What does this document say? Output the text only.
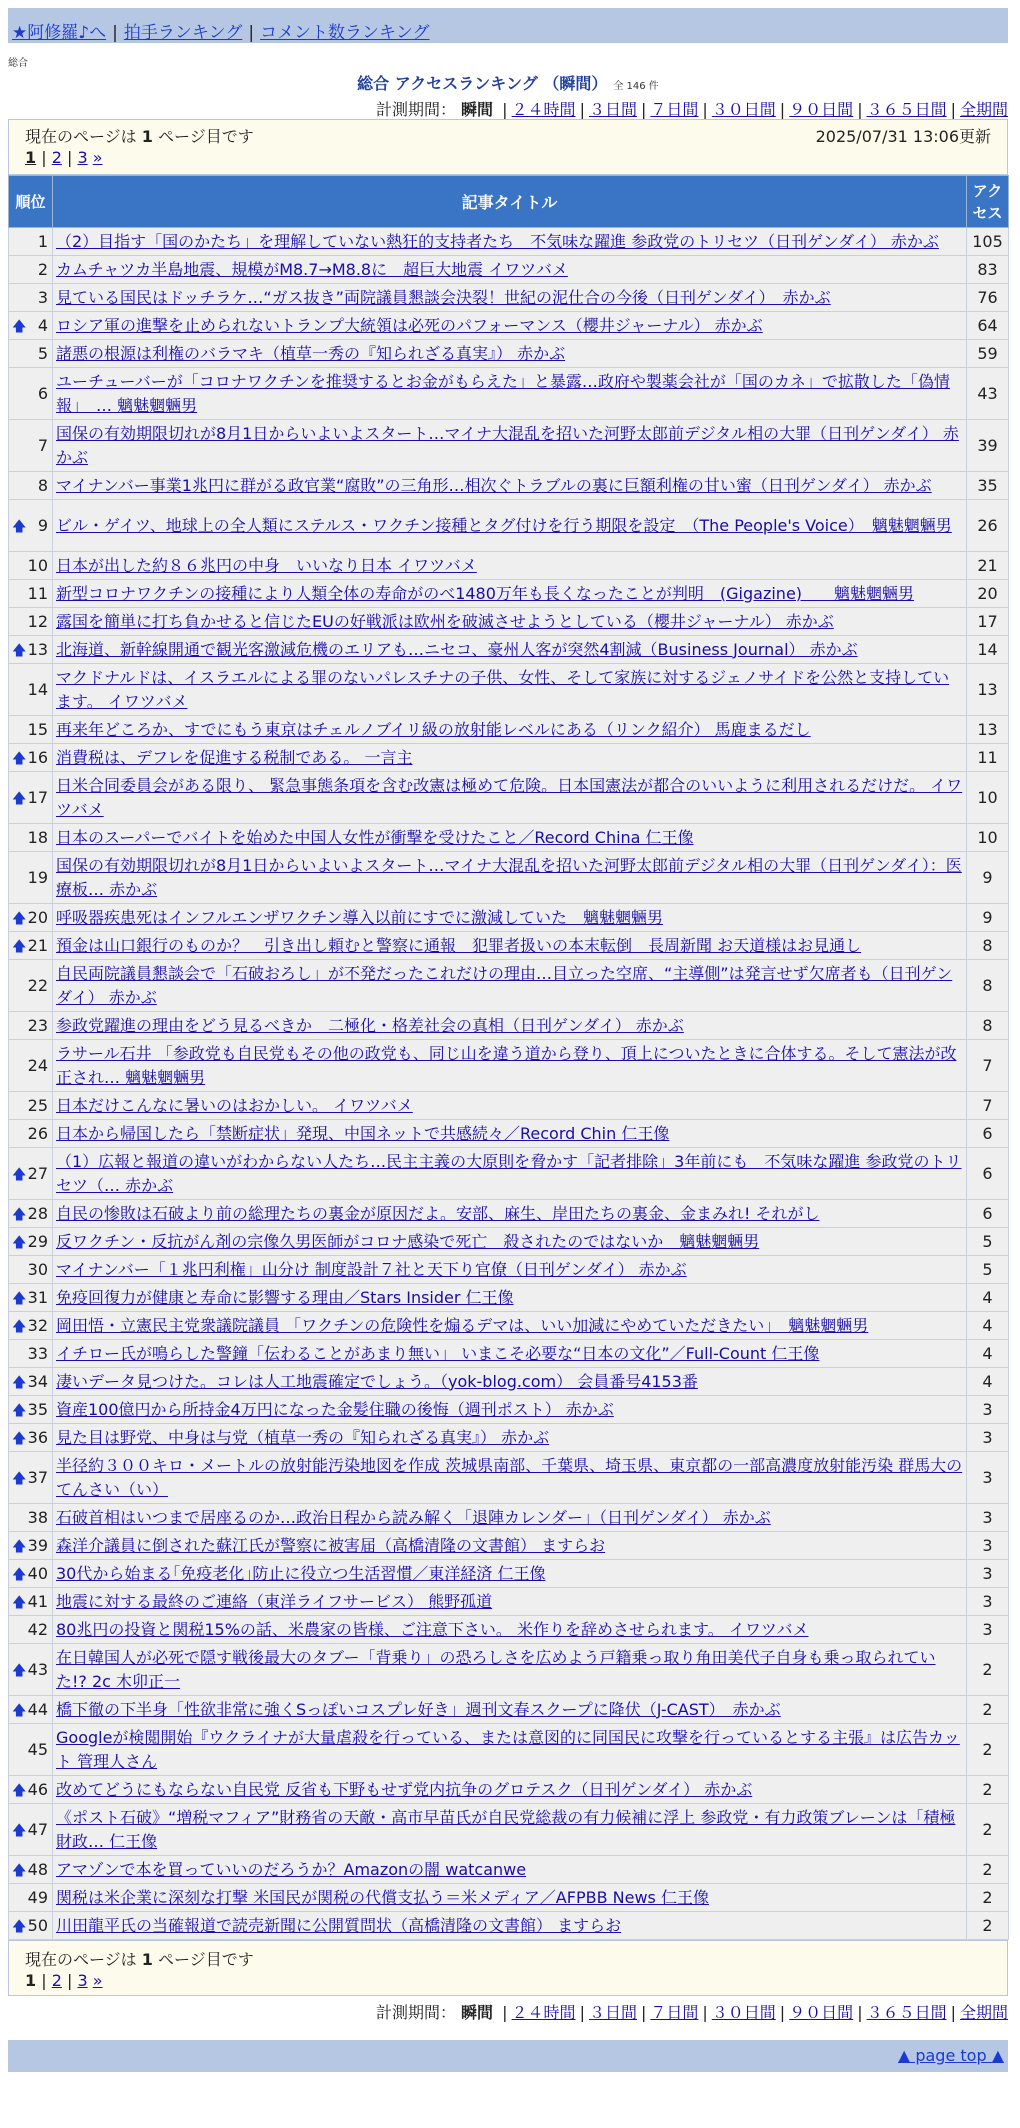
★阿修羅♪へ | 拍手ランキング | コメント数ランキング
総合
総合 アクセスランキング （瞬間） 全 146 件
計測期間： 瞬間 | ２４時間 | ３日間 | ７日間 | ３０日間 | ９０日間 | ３６５日間 | 全期間
現在のページは 1 ページ目です	2025/07/31 13:06更新
1 | 2 | 3 »
順位	記事タイトル	アクセス
1	（2）目指す「国のかたち」を理解していない熱狂的支持者たち　不気味な躍進 参政党のトリセツ（日刊ゲンダイ） 赤かぶ	105
2	カムチャツカ半島地震、規模がM8.7→M8.8に　超巨大地震 イワツバメ	83
3	見ている国民はドッチラケ…“ガス抜き”両院議員懇談会決裂！世紀の泥仕合の今後（日刊ゲンダイ）　赤かぶ	76

🡅 4	ロシア軍の進撃を止められないトランプ大統領は必死のパフォーマンス（櫻井ジャーナル） 赤かぶ	64
5	諸悪の根源は利権のバラマキ（植草一秀の『知られざる真実』） 赤かぶ	59
6	ユーチューバーが「コロナワクチンを推奨するとお金がもらえた」と暴露…政府や製薬会社が「国のカネ」で拡散した「偽情報」　… 魑魅魍魎男	43
7	国保の有効期限切れが8月1日からいよいよスタート…マイナ大混乱を招いた河野太郎前デジタル相の大罪（日刊ゲンダイ） 赤かぶ	39
8	マイナンバー事業1兆円に群がる政官業“腐敗”の三角形…相次ぐトラブルの裏に巨額利権の甘い蜜（日刊ゲンダイ） 赤かぶ	35

🡅 9	ビル・ゲイツ、地球上の全人類にステルス・ワクチン接種とタグ付けを行う期限を設定　（The People's Voice）　魑魅魍魎男	26
10	日本が出した約８６兆円の中身　いいなり日本 イワツバメ	21
11	新型コロナワクチンの接種により人類全体の寿命がのべ1480万年も長くなったことが判明　(Gigazine)　　魑魅魍魎男	20
12	露国を簡単に打ち負かせると信じたEUの好戦派は欧州を破滅させようとしている（櫻井ジャーナル） 赤かぶ	17

🡅 13	北海道、新幹線開通で観光客激減危機のエリアも…ニセコ、豪州人客が突然4割減（Business Journal） 赤かぶ	14
14	マクドナルドは、イスラエルによる罪のないパレスチナの子供、女性、そして家族に対するジェノサイドを公然と支持しています。 イワツバメ	13
15	再来年どころか、すでにもう東京はチェルノブイリ級の放射能レベルにある（リンク紹介） 馬鹿まるだし	13

🡅 16	消費税は、デフレを促進する税制である。 一言主	11

🡅 17	日米合同委員会がある限り、 緊急事態条項を含む改憲は極めて危険。日本国憲法が都合のいいように利用されるだけだ。 イワツバメ	10
18	日本のスーパーでバイトを始めた中国人女性が衝撃を受けたこと／Record China 仁王像	10
19	国保の有効期限切れが8月1日からいよいよスタート…マイナ大混乱を招いた河野太郎前デジタル相の大罪（日刊ゲンダイ）：医療板… 赤かぶ	9

🡅 20	呼吸器疾患死はインフルエンザワクチン導入以前にすでに激減していた　魑魅魍魎男	9

🡅 21	預金は山口銀行のものか？　引き出し頼むと警察に通報　犯罪者扱いの本末転倒　長周新聞 お天道様はお見通し	8
22	自民両院議員懇談会で「石破おろし」が不発だったこれだけの理由…目立った空席、“主導側”は発言せず欠席者も（日刊ゲンダイ） 赤かぶ	8
23	参政党躍進の理由をどう見るべきか　二極化・格差社会の真相（日刊ゲンダイ） 赤かぶ	8
24	ラサール石井 「参政党も自民党もその他の政党も、同じ山を違う道から登り、頂上についたときに合体する。そして憲法が改正され… 魑魅魍魎男	7
25	日本だけこんなに暑いのはおかしい。 イワツバメ	7
26	日本から帰国したら「禁断症状」発現、中国ネットで共感続々／Record Chin 仁王像	6

🡅 27	（1）広報と報道の違いがわからない人たち…民主主義の大原則を脅かす「記者排除」3年前にも　不気味な躍進 参政党のトリセツ（… 赤かぶ	6

🡅 28	自民の惨敗は石破より前の総理たちの裏金が原因だよ。安部、麻生、岸田たちの裏金、金まみれ! それがし	6

🡅 29	反ワクチン・反抗がん剤の宗像久男医師がコロナ感染で死亡　殺されたのではないか　魑魅魍魎男	5
30	マイナンバー「１兆円利権」山分け 制度設計７社と天下り官僚（日刊ゲンダイ） 赤かぶ	5

🡅 31	免疫回復力が健康と寿命に影響する理由／Stars Insider 仁王像	4

🡅 32	岡田悟・立憲民主党衆議院議員 「ワクチンの危険性を煽るデマは、いい加減にやめていただきたい」　魑魅魍魎男	4
33	イチロー氏が鳴らした警鐘「伝わることがあまり無い」 いまこそ必要な“日本の文化”／Full-Count 仁王像	4

🡅 34	凄いデータ見つけた。コレは人工地震確定でしょう。（yok-blog.com） 会員番号4153番	4

🡅 35	資産100億円から所持金4万円になった金髪住職の後悔（週刊ポスト） 赤かぶ	3

🡅 36	見た目は野党、中身は与党（植草一秀の『知られざる真実』） 赤かぶ	3

🡅 37	半径約３００キロ・メートルの放射能汚染地図を作成 茨城県南部、千葉県、埼玉県、東京都の一部高濃度放射能汚染 群馬大のてんさい（い）	3
38	石破首相はいつまで居座るのか…政治日程から読み解く「退陣カレンダー」（日刊ゲンダイ） 赤かぶ	3

🡅 39	森洋介議員に倒された蘇江氏が警察に被害届（高橋清隆の文書館） ますらお	3

🡅 40	30代から始まる｢免疫老化｣防止に役立つ生活習慣／東洋経済 仁王像	3

🡅 41	地震に対する最終のご連絡（東洋ライフサービス） 熊野孤道	3
42	80兆円の投資と関税15%の話、米農家の皆様、ご注意下さい。 米作りを辞めさせられます。 イワツバメ	3

🡅 43	在日韓国人が必死で隠す戦後最大のタブー「背乗り」の恐ろしさを広めよう戸籍乗っ取り角田美代子自身も乗っ取られていた!? 2c 木卯正一	2

🡅 44	橋下徹の下半身「性欲非常に強くSっぽいコスプレ好き」週刊文春スクープに降伏（J-CAST）　赤かぶ	2
45	Googleが検閲開始『ウクライナが大量虐殺を行っている、または意図的に同国民に攻撃を行っているとする主張』は広告カット 管理人さん	2

🡅 46	改めてどうにもならない自民党 反省も下野もせず党内抗争のグロテスク（日刊ゲンダイ） 赤かぶ	2

🡅 47	《ポスト石破》“増税マフィア”財務省の天敵・高市早苗氏が自民党総裁の有力候補に浮上 参政党・有力政策ブレーンは「積極財政… 仁王像	2

🡅 48	アマゾンで本を買っていいのだろうか？Amazonの闇 watcanwe	2
49	関税は米企業に深刻な打撃 米国民が関税の代償支払う＝米メディア／AFPBB News 仁王像	2

🡅 50	川田龍平氏の当確報道で読売新聞に公開質問状（高橋清隆の文書館） ますらお	2
現在のページは 1 ページ目です
1 | 2 | 3 »
計測期間： 瞬間 | ２４時間 | ３日間 | ７日間 | ３０日間 | ９０日間 | ３６５日間 | 全期間
▲ page top ▲
